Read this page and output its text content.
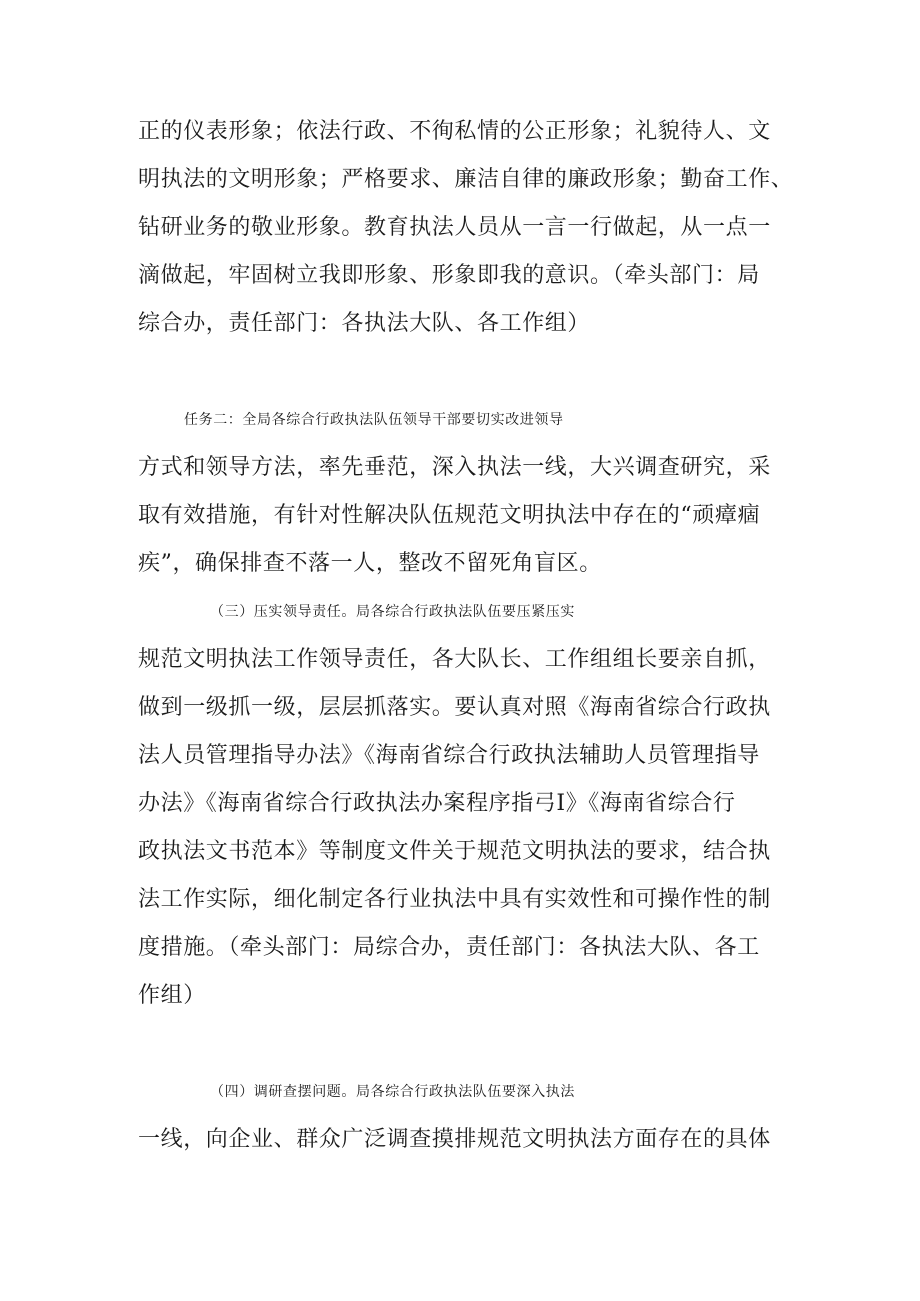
正的仪表形象；依法行政、不徇私情的公正形象；礼貌待人、文
明执法的文明形象；严格要求、廉洁自律的廉政形象；勤奋工作、
钻研业务的敬业形象。教育执法人员从一言一行做起，从一点一
滴做起，牢固树立我即形象、形象即我的意识。（牵头部门：局
综合办，责任部门：各执法大队、各工作组）
任务二：全局各综合行政执法队伍领导干部要切实改进领导
方式和领导方法，率先垂范，深入执法一线，大兴调查研究，采
取有效措施，有针对性解决队伍规范文明执法中存在的“顽瘴痼
疾”，确保排查不落一人，整改不留死角盲区。
（三）压实领导责任。局各综合行政执法队伍要压紧压实
规范文明执法工作领导责任，各大队长、工作组组长要亲自抓，
做到一级抓一级，层层抓落实。要认真对照《海南省综合行政执
法人员管理指导办法》《海南省综合行政执法辅助人员管理指导
办法》《海南省综合行政执法办案程序指弓I》《海南省综合行
政执法文书范本》等制度文件关于规范文明执法的要求，结合执
法工作实际，细化制定各行业执法中具有实效性和可操作性的制
度措施。（牵头部门：局综合办，责任部门：各执法大队、各工
作组）
（四）调研查摆问题。局各综合行政执法队伍要深入执法
一线，向企业、群众广泛调查摸排规范文明执法方面存在的具体
